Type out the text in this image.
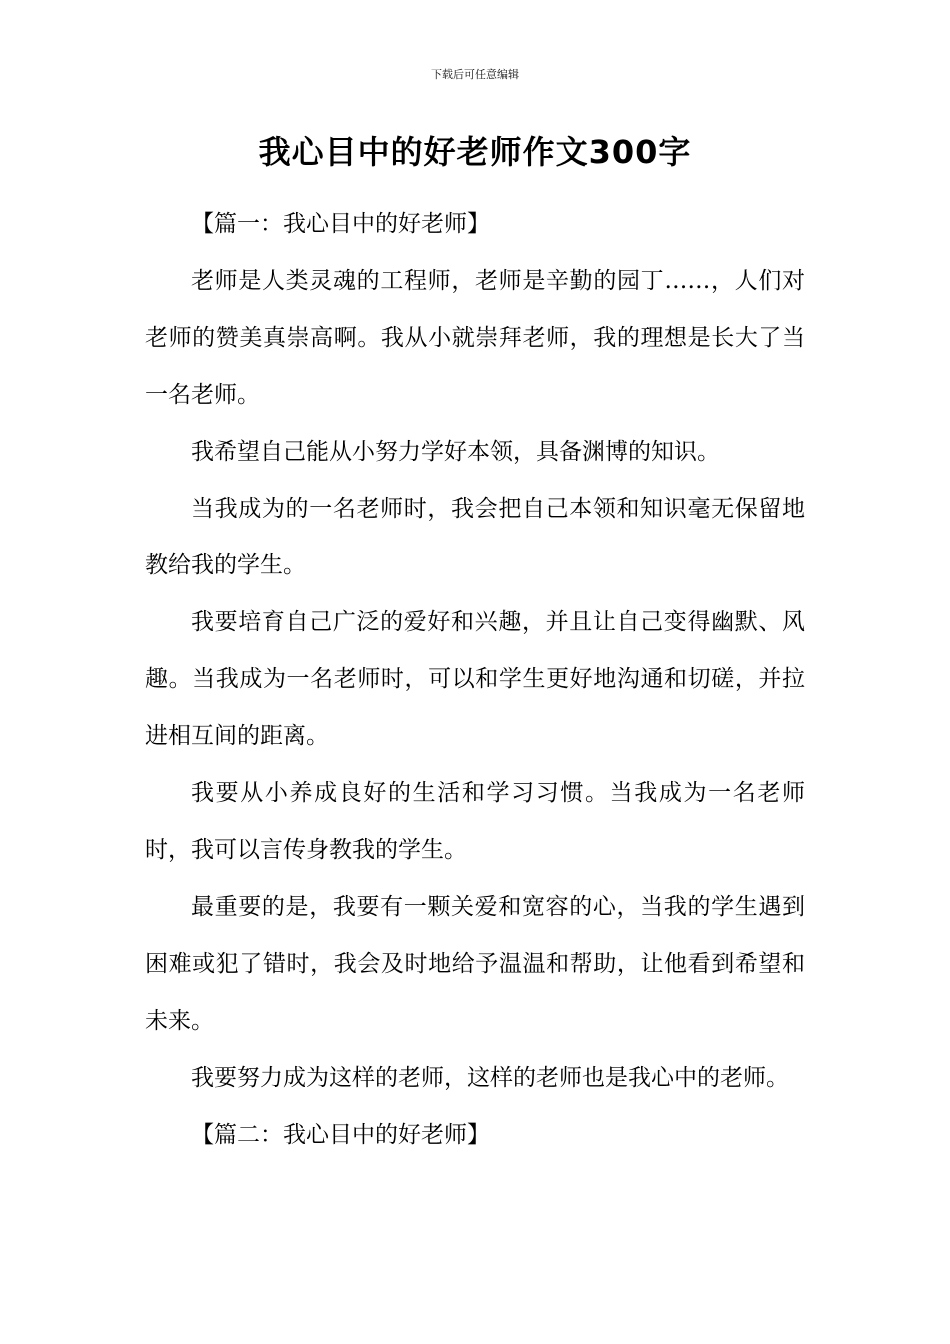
下载后可任意编辑
我心目中的好老师作文300字

【篇一：我心目中的好老师】

老师是人类灵魂的工程师，老师是辛勤的园丁……，人们对老师的赞美真崇高啊。我从小就崇拜老师，我的理想是长大了当一名老师。

我希望自己能从小努力学好本领，具备渊博的知识。

当我成为的一名老师时，我会把自己本领和知识毫无保留地教给我的学生。

我要培育自己广泛的爱好和兴趣，并且让自己变得幽默、风趣。当我成为一名老师时，可以和学生更好地沟通和切磋，并拉进相互间的距离。

我要从小养成良好的生活和学习习惯。当我成为一名老师时，我可以言传身教我的学生。

最重要的是，我要有一颗关爱和宽容的心，当我的学生遇到困难或犯了错时，我会及时地给予温温和帮助，让他看到希望和未来。

我要努力成为这样的老师，这样的老师也是我心中的老师。

【篇二：我心目中的好老师】
